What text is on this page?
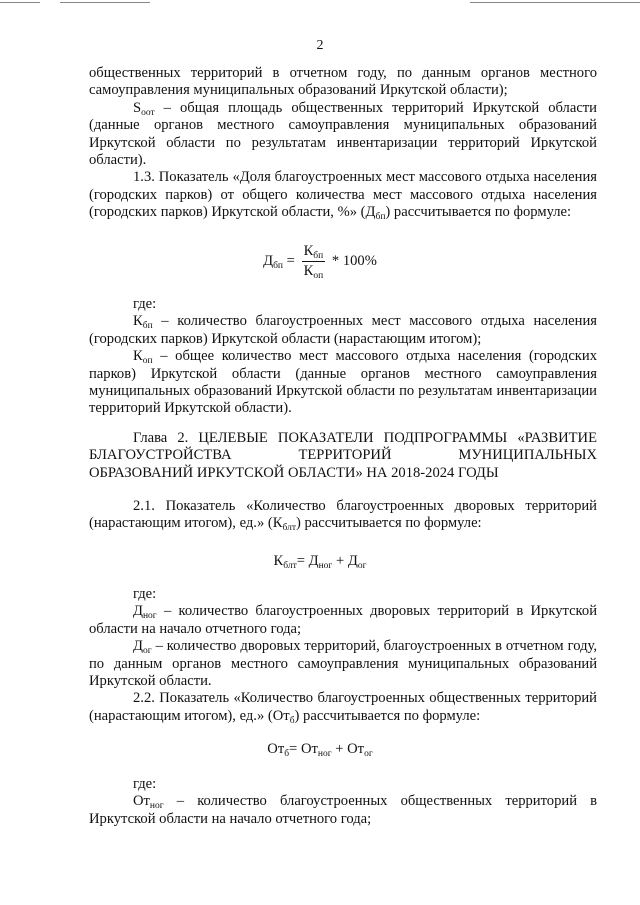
2

общественных территорий в отчетном году, по данным органов местного самоуправления муниципальных образований Иркутской области);

$S_{оот}$ – общая площадь общественных территорий Иркутской области (данные органов местного самоуправления муниципальных образований Иркутской области по результатам инвентаризации территорий Иркутской области).

1.3. Показатель «Доля благоустроенных мест массового отдыха населения (городских парков) от общего количества мест массового отдыха населения (городских парков) Иркутской области, %» $(Д_{бп})$ рассчитывается по формуле:

$Д_{бп} = \frac{К_{бп}}{К_{оп}} * 100\%$

где:

$К_{бп}$ – количество благоустроенных мест массового отдыха населения (городских парков) Иркутской области (нарастающим итогом);

$К_{оп}$ – общее количество мест массового отдыха населения (городских парков) Иркутской области (данные органов местного самоуправления муниципальных образований Иркутской области по результатам инвентаризации территорий Иркутской области).

Глава 2. ЦЕЛЕВЫЕ ПОКАЗАТЕЛИ ПОДПРОГРАММЫ «РАЗВИТИЕ
БЛАГОУСТРОЙСТВА ТЕРРИТОРИЙ МУНИЦИПАЛЬНЫХ
ОБРАЗОВАНИЙ ИРКУТСКОЙ ОБЛАСТИ» НА 2018-2024 ГОДЫ

2.1. Показатель «Количество благоустроенных дворовых территорий (нарастающим итогом), ед.» $(К_{блт})$ рассчитывается по формуле:

$К_{блт}= Д_{ног} + Д_{ог}$

где:

$Д_{ног}$ – количество благоустроенных дворовых территорий в Иркутской области на начало отчетного года;

$Д_{ог}$ – количество дворовых территорий, благоустроенных в отчетном году, по данным органов местного самоуправления муниципальных образований Иркутской области.

2.2. Показатель «Количество благоустроенных общественных территорий (нарастающим итогом), ед.» $(От_б)$ рассчитывается по формуле:

$От_б= От_{ног} + От_{ог}$

где:

$От_{ног}$ – количество благоустроенных общественных территорий в Иркутской области на начало отчетного года;
